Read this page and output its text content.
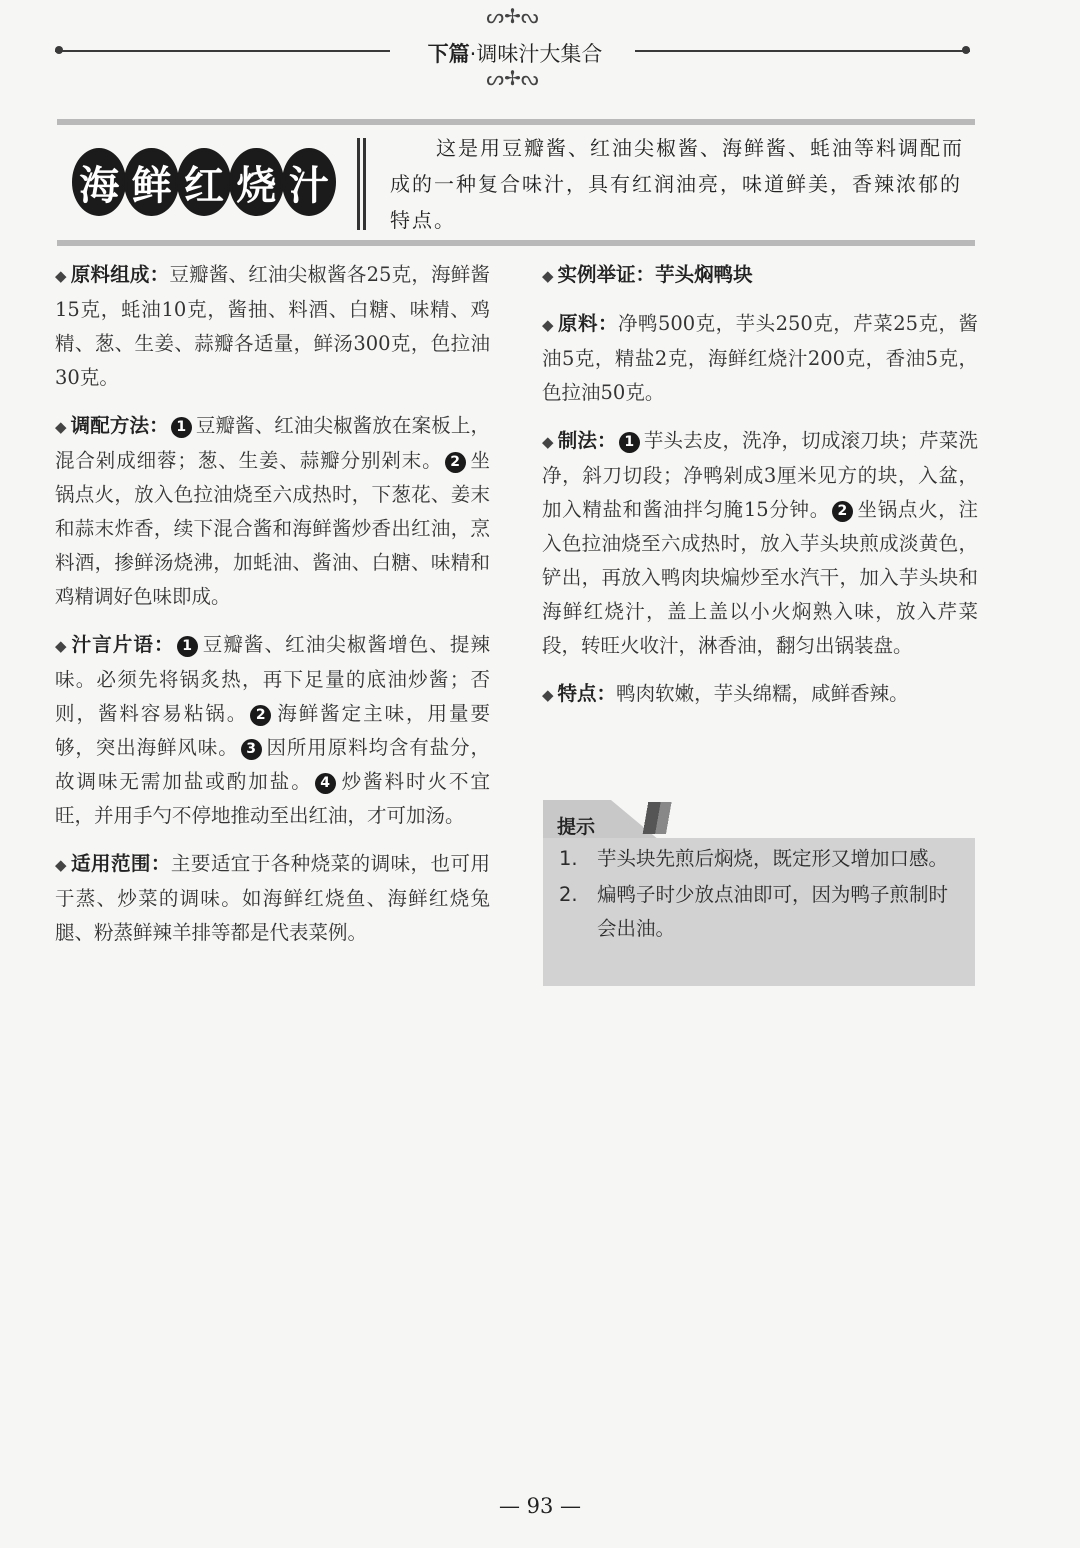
ᔕ✢ᔓ
下篇·调味汁大集合
ᔕ✢ᔓ
海 鲜 红 烧 汁
这是用豆瓣酱、红油尖椒酱、海鲜酱、蚝油等料调配而成的一种复合味汁，具有红润油亮，味道鲜美，香辣浓郁的特点。

◆ 原料组成：豆瓣酱、红油尖椒酱各25克，海鲜酱15克，蚝油10克，酱抽、料酒、白糖、味精、鸡精、葱、生姜、蒜瓣各适量，鲜汤300克，色拉油30克。

◆ 调配方法： 1 豆瓣酱、红油尖椒酱放在案板上，混合剁成细蓉；葱、生姜、蒜瓣分别剁末。 2 坐锅点火，放入色拉油烧至六成热时，下葱花、姜末和蒜末炸香，续下混合酱和海鲜酱炒香出红油，烹料酒，掺鲜汤烧沸，加蚝油、酱油、白糖、味精和鸡精调好色味即成。

◆ 汁言片语： 1 豆瓣酱、红油尖椒酱增色、提辣味。必须先将锅炙热，再下足量的底油炒酱；否则，酱料容易粘锅。 2 海鲜酱定主味，用量要够，突出海鲜风味。 3 因所用原料均含有盐分，故调味无需加盐或酌加盐。 4 炒酱料时火不宜旺，并用手勺不停地推动至出红油，才可加汤。

◆ 适用范围：主要适宜于各种烧菜的调味，也可用于蒸、炒菜的调味。如海鲜红烧鱼、海鲜红烧兔腿、粉蒸鲜辣羊排等都是代表菜例。

◆ 实例举证：芋头焖鸭块

◆ 原料：净鸭500克，芋头250克，芹菜25克，酱油5克，精盐2克，海鲜红烧汁200克，香油5克，色拉油50克。

◆ 制法： 1 芋头去皮，洗净，切成滚刀块；芹菜洗净，斜刀切段；净鸭剁成3厘米见方的块，入盆，加入精盐和酱油拌匀腌15分钟。 2 坐锅点火，注入色拉油烧至六成热时，放入芋头块煎成淡黄色，铲出，再放入鸭肉块煸炒至水汽干，加入芋头块和海鲜红烧汁，盖上盖以小火焖熟入味，放入芹菜段，转旺火收汁，淋香油，翻匀出锅装盘。

◆ 特点：鸭肉软嫩，芋头绵糯，咸鲜香辣。

提示
1. 芋头块先煎后焖烧，既定形又增加口感。
2. 煸鸭子时少放点油即可，因为鸭子煎制时会出油。
— 93 —
